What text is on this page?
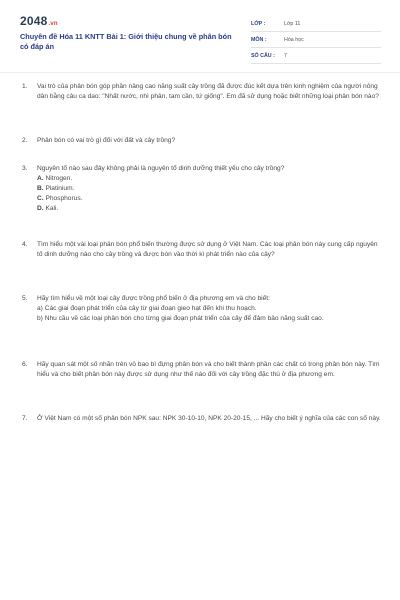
2048.vn
Chuyên đề Hóa 11 KNTT Bài 1: Giới thiệu chung về phân bón có đáp án
LỚP :	Lớp 11
MÔN :	Hóa học
SỐ CÂU :	7
1.	Vai trò của phân bón góp phần nâng cao năng suất cây trồng đã được đúc kết dựa trên kinh nghiệm của người nông dân bằng câu ca dao: "Nhất nước, nhì phân, tam cần, tứ giống". Em đã sử dụng hoặc biết những loại phân bón nào?
2.	Phân bón có vai trò gì đối với đất và cây trồng?
3.	Nguyên tố nào sau đây không phải là nguyên tố dinh dưỡng thiết yếu cho cây trồng?
A. Nitrogen.
B. Platinium.
C. Phosphorus.
D. Kali.
4.	Tìm hiểu một vài loại phân bón phổ biến thường được sử dụng ở Việt Nam. Các loại phân bón này cung cấp nguyên tố dinh dưỡng nào cho cây trồng và được bón vào thời kì phát triển nào của cây?
5.	Hãy tìm hiểu về một loại cây được trồng phổ biến ở địa phương em và cho biết:
a) Các giai đoạn phát triển của cây từ giai đoạn gieo hạt đến khi thu hoạch.
b) Nhu cầu về các loại phân bón cho từng giai đoạn phát triển của cây để đảm bảo năng suất cao.
6.	Hãy quan sát một số nhãn trên vỏ bao bì đựng phân bón và cho biết thành phần các chất có trong phân bón này. Tìm hiểu và cho biết phân bón này được sử dụng như thế nào đối với cây trồng đặc thù ở địa phương em.
7.	Ở Việt Nam có một số phân bón NPK sau: NPK 30-10-10, NPK 20-20-15, ... Hãy cho biết ý nghĩa của các con số này.
